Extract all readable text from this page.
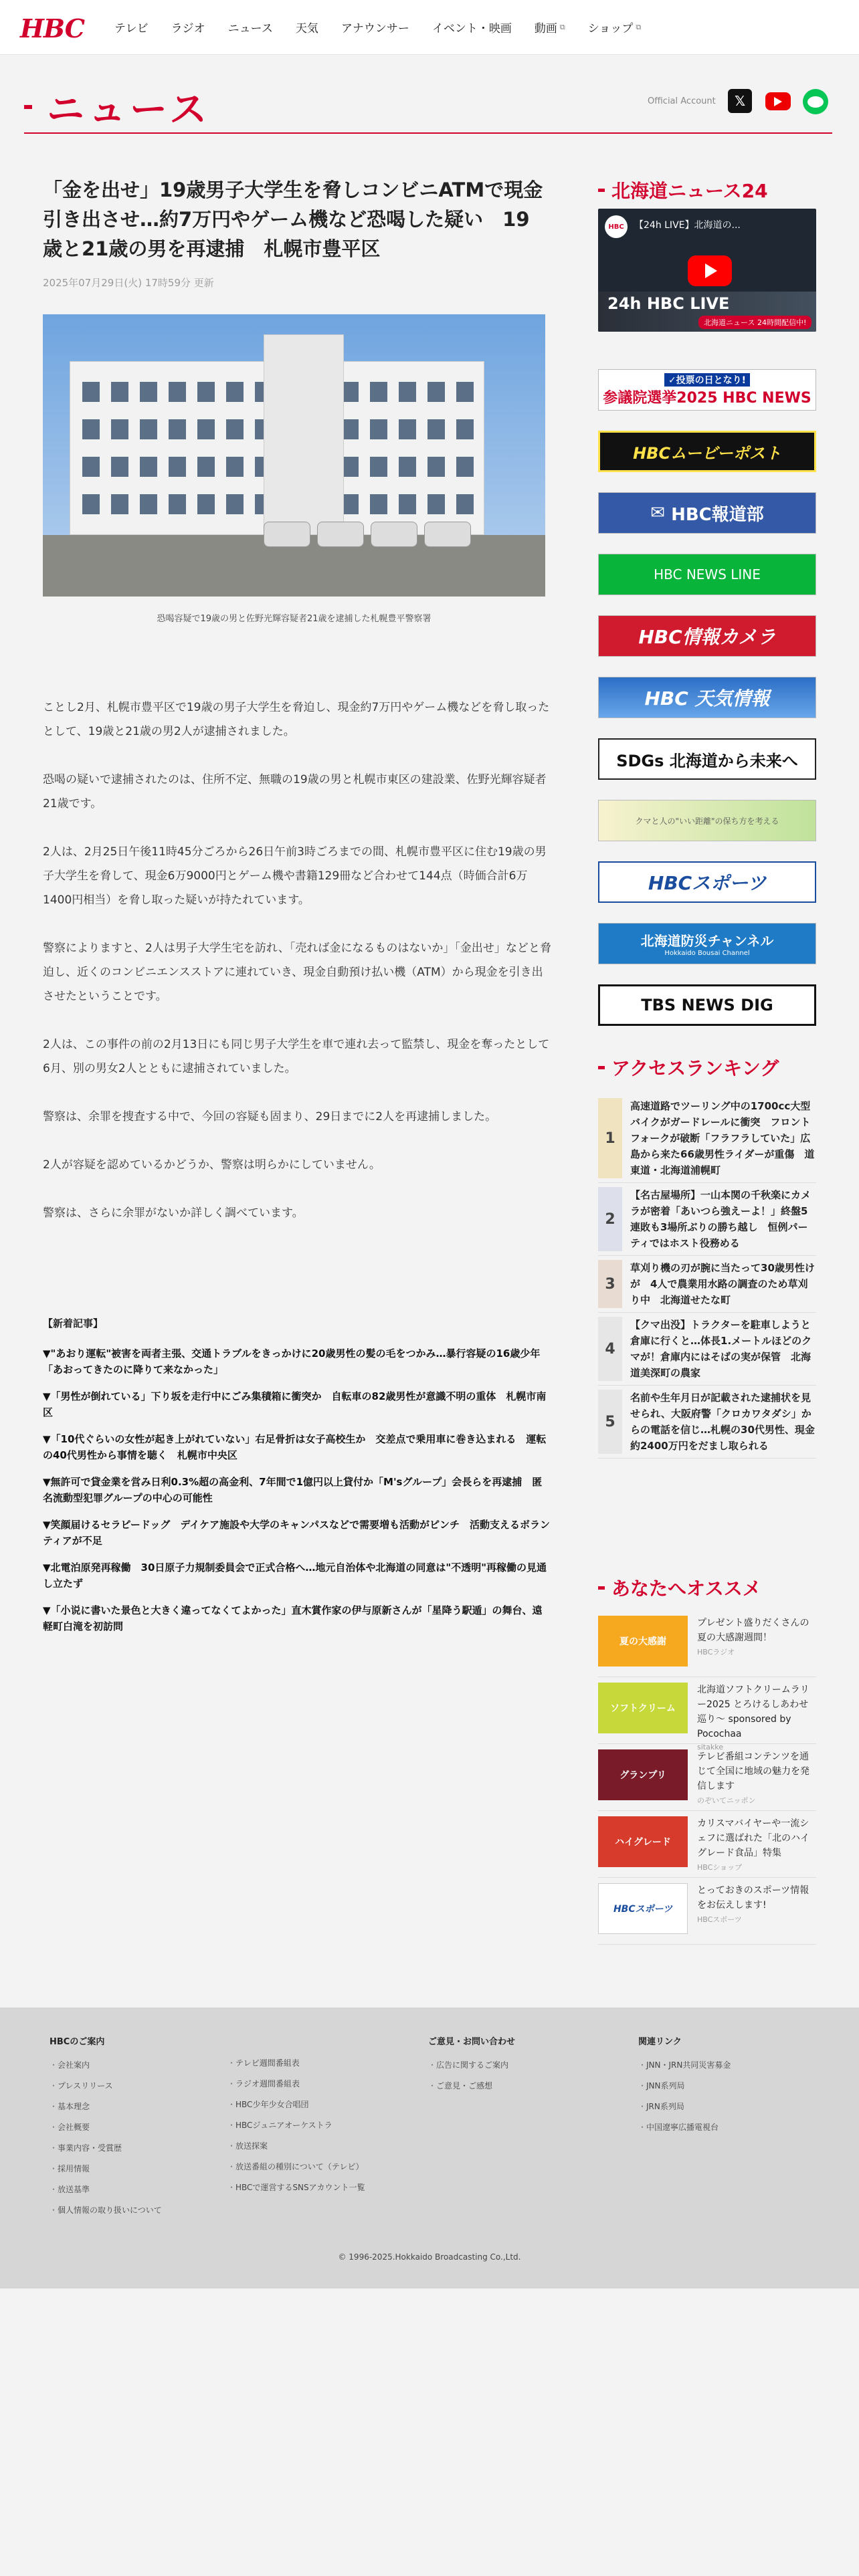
HBC	テレビ ラジオ ニュース 天気 アナウンサー イベント・映画 動画 ⧉ ショップ ⧉
ニュース	Official Account	𝕏
「金を出せ」19歳男子大学生を脅しコンビニATMで現金引き出させ…約7万円やゲーム機など恐喝した疑い　19歳と21歳の男を再逮捕　札幌市豊平区
2025年07月29日(火) 17時59分 更新
恐喝容疑で19歳の男と佐野光輝容疑者21歳を逮捕した札幌豊平警察署

ことし2月、札幌市豊平区で19歳の男子大学生を脅迫し、現金約7万円やゲーム機などを脅し取ったとして、19歳と21歳の男2人が逮捕されました。

恐喝の疑いで逮捕されたのは、住所不定、無職の19歳の男と札幌市東区の建設業、佐野光輝容疑者21歳です。

2人は、2月25日午後11時45分ごろから26日午前3時ごろまでの間、札幌市豊平区に住む19歳の男子大学生を脅して、現金6万9000円とゲーム機や書籍129冊など合わせて144点（時価合計6万1400円相当）を脅し取った疑いが持たれています。

警察によりますと、2人は男子大学生宅を訪れ、「売れば金になるものはないか」「金出せ」などと脅迫し、近くのコンビニエンスストアに連れていき、現金自動預け払い機（ATM）から現金を引き出させたということです。

2人は、この事件の前の2月13日にも同じ男子大学生を車で連れ去って監禁し、現金を奪ったとして6月、別の男女2人とともに逮捕されていました。

警察は、余罪を捜査する中で、今回の容疑も固まり、29日までに2人を再逮捕しました。

2人が容疑を認めているかどうか、警察は明らかにしていません。

警察は、さらに余罪がないか詳しく調べています。

【新着記事】
▼"あおり運転"被害を両者主張、交通トラブルをきっかけに20歳男性の髪の毛をつかみ…暴行容疑の16歳少年「あおってきたのに降りて来なかった」
▼「男性が倒れている」下り坂を走行中にごみ集積箱に衝突か　自転車の82歳男性が意識不明の重体　札幌市南区
▼「10代ぐらいの女性が起き上がれていない」右足骨折は女子高校生か　交差点で乗用車に巻き込まれる　運転の40代男性から事情を聴く　札幌市中央区
▼無許可で貸金業を営み日利0.3%超の高金利、7年間で1億円以上貸付か「M'sグループ」会長らを再逮捕　匿名流動型犯罪グループの中心の可能性
▼笑顔届けるセラピードッグ　デイケア施設や大学のキャンパスなどで需要増も活動がピンチ　活動支えるボランティアが不足
▼北電泊原発再稼働　30日原子力規制委員会で正式合格へ…地元自治体や北海道の同意は"不透明"再稼働の見通し立たず
▼「小说に書いた景色と大きく違ってなくてよかった」直木賞作家の伊与原新さんが「星降う駅遁」の舞台、遠軽町白滝を初訪問
北海道ニュース24
HBC	【24h LIVE】北海道の...
24h HBC LIVE
北海道ニュース 24時間配信中!
✓投票の日となり!
参議院選挙2025 HBC NEWS
HBCムービーポスト
✉ HBC報道部
HBC NEWS LINE
HBC情報カメラ
HBC 天気情報
SDGs 北海道から未来へ
クマと人の"いい距離"の保ち方を考える
HBCスポーツ
北海道防災チャンネル
Hokkaido Bousai Channel
TBS NEWS DIG
アクセスランキング
1
高速道路でツーリング中の1700cc大型バイクがガードレールに衝突　フロントフォークが破断「フラフラしていた」広島から来た66歳男性ライダーが重傷　道東道・北海道浦幌町
2
【名古屋場所】一山本関の千秋楽にカメラが密着「あいつら強えーよ！」終盤5連敗も3場所ぶりの勝ち越し　恒例パーティではホスト役務める
3
草刈り機の刃が腕に当たって30歳男性けが　4人で農業用水路の調査のため草刈り中　北海道せたな町
4
【クマ出没】トラクターを駐車しようと倉庫に行くと…体長1.メートルほどのクマが！倉庫内にはそばの実が保管　北海道美深町の農家
5
名前や生年月日が記載された逮捕状を見せられ、大阪府警「クロカワタダシ」からの電話を信じ…札幌の30代男性、現金約2400万円をだまし取られる
あなたへオススメ
夏の大感謝
プレゼント盛りだくさんの夏の大感謝週間！
HBCラジオ
ソフトクリーム
北海道ソフトクリームラリー2025 とろけるしあわせ巡り～ sponsored by Pocochaa
sitakke
グランプリ
テレビ番組コンテンツを通じて全国に地域の魅力を発信します
のぞいてニッポン
ハイグレード
カリスマバイヤーや一流シェフに選ばれた「北のハイグレード食品」特集
HBCショップ
HBCスポーツ
とっておきのスポーツ情報をお伝えします!
HBCスポーツ
HBCのご案内
・ 会社案内
・ プレスリリース
・ 基本理念
・ 会社概要
・ 事業内容・受賞歴
・ 採用情報
・ 放送基準
・ 個人情報の取り扱いについて
・ テレビ週間番組表
・ ラジオ週間番組表
・ HBC少年少女合唱団
・ HBCジュニアオーケストラ
・ 放送探案
・ 放送番組の種別について（テレビ）
・ HBCで運営するSNSアカウント一覧
ご意見・お問い合わせ
・ 広告に関するご案内
・ ご意見・ご感想
関連リンク
・ JNN・JRN共同災害募金
・ JNN系列局
・ JRN系列局
・ 中国遼寧広播電視台
© 1996-2025.Hokkaido Broadcasting Co.,Ltd.
